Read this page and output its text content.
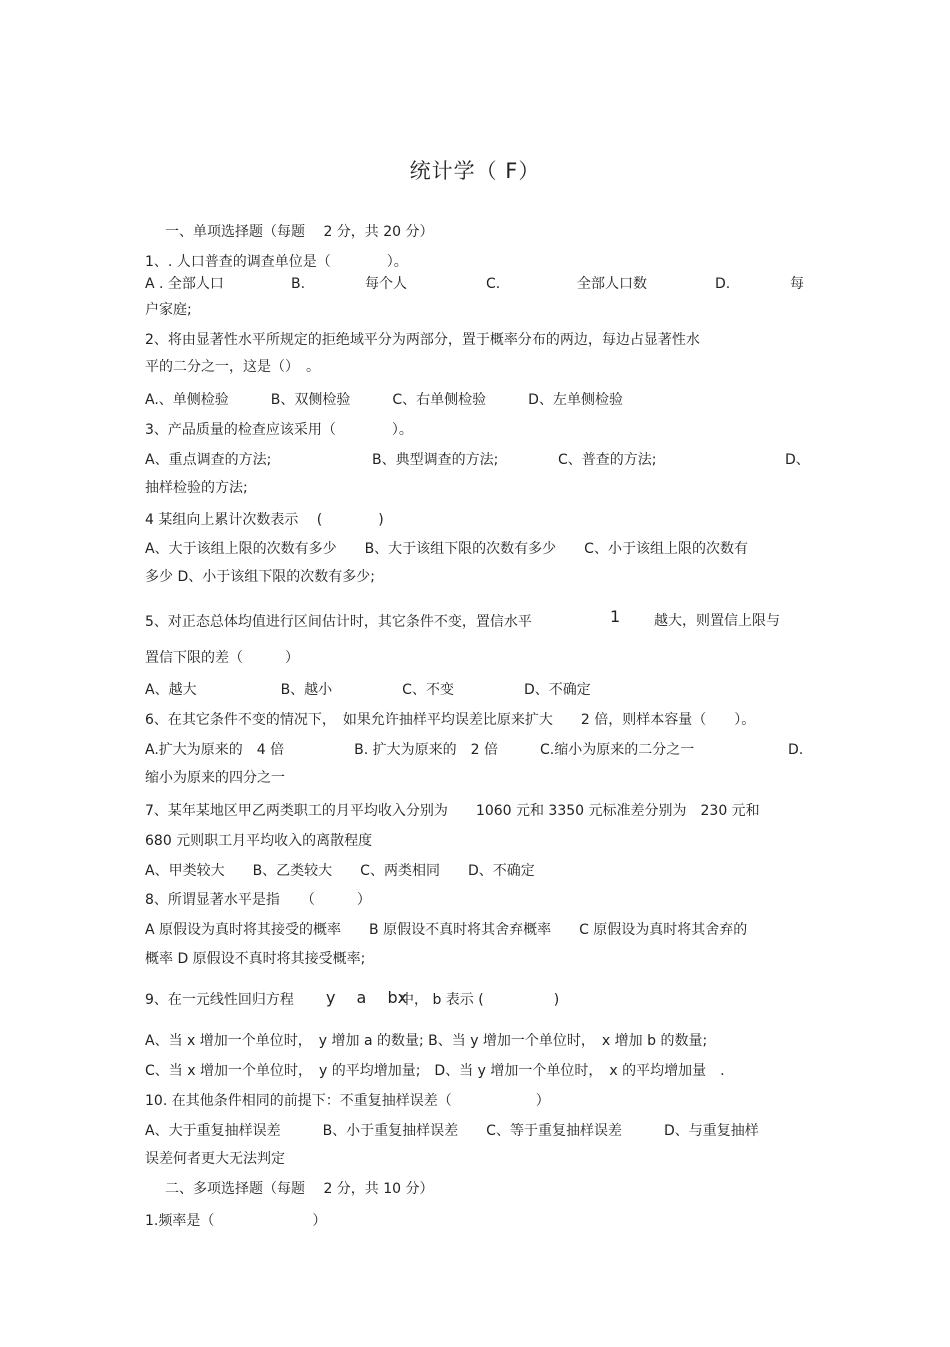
统计学（ F）
一、单项选择题（每题　 2 分，共 20 分）
1、. 人口普查的调查单位是（　　　　）。
A . 全部人口	B.	每个人	C.	全部人口数	D.	每
户家庭;
2、将由显著性水平所规定的拒绝域平分为两部分，置于概率分布的两边，每边占显著性水
平的二分之一，这是（）　。
A.、单侧检验　　　B、双侧检验　　　C、右单侧检验　　　D、左单侧检验
3、产品质量的检查应该采用（　　　　）。
A、重点调查的方法;	B、典型调查的方法;	C、普查的方法;	D、
抽样检验的方法;
4 某组向上累计次数表示　 (　　　　)
A、大于该组上限的次数有多少　　B、大于该组下限的次数有多少　　C、小于该组上限的次数有
多少 D、小于该组下限的次数有多少;
5、对正态总体均值进行区间估计时，其它条件不变，置信水平	1 越大，则置信上限与
置信下限的差（　　　）
A、越大　　　　　　B、越小　　　　　C、不变　　　　　D、不确定
6、在其它条件不变的情况下，　如果允许抽样平均误差比原来扩大　　2 倍，则样本容量（　　）。
A.扩大为原来的　4 倍　　　　　B. 扩大为原来的　2 倍　　　C.缩小为原来的二分之一	D.
缩小为原来的四分之一
7、某年某地区甲乙两类职工的月平均收入分别为　　1060 元和 3350 元标准差分别为　230 元和
680 元则职工月平均收入的离散程度
A、甲类较大　　B、乙类较大　　C、两类相同　　D、不确定
8、所谓显著水平是指　　（　　　）
A 原假设为真时将其接受的概率　　B 原假设不真时将其舍弃概率　　C 原假设为真时将其舍弃的
概率 D 原假设不真时将其接受概率;
9、在一元线性回归方程 y　 a　 bx
中， b 表示 (　　　　　)
A、当 x 增加一个单位时，　y 增加 a 的数量; B、当 y 增加一个单位时，　x 增加 b 的数量;
C、当 x 增加一个单位时，　y 的平均增加量;　D、当 y 增加一个单位时，　x 的平均增加量　.
10. 在其他条件相同的前提下：不重复抽样误差（　　　　　　）
A、大于重复抽样误差　　　B、小于重复抽样误差　　C、等于重复抽样误差　　　D、与重复抽样
误差何者更大无法判定
二、多项选择题（每题　 2 分，共 10 分）
1.频率是（　　　　　　　）
